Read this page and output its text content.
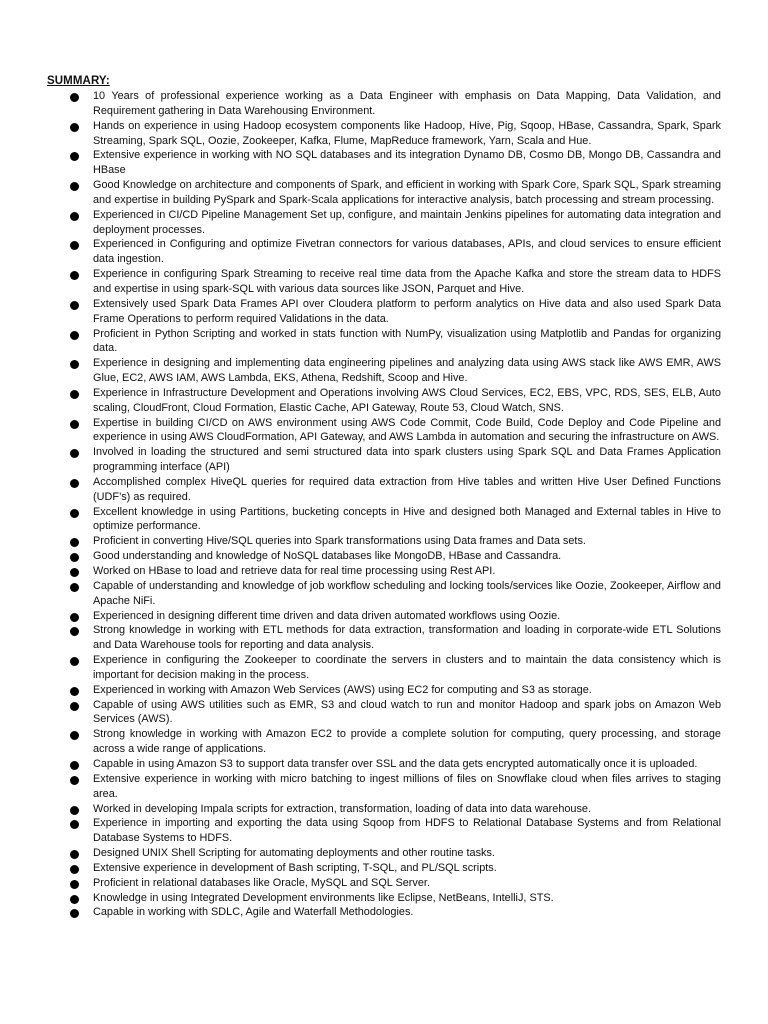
SUMMARY:
10 Years of professional experience working as a Data Engineer with emphasis on Data Mapping, Data Validation, and Requirement gathering in Data Warehousing Environment.
Hands on experience in using Hadoop ecosystem components like Hadoop, Hive, Pig, Sqoop, HBase, Cassandra, Spark, Spark Streaming, Spark SQL, Oozie, Zookeeper, Kafka, Flume, MapReduce framework, Yarn, Scala and Hue.
Extensive experience in working with NO SQL databases and its integration Dynamo DB, Cosmo DB, Mongo DB, Cassandra and HBase
Good Knowledge on architecture and components of Spark, and efficient in working with Spark Core, Spark SQL, Spark streaming and expertise in building PySpark and Spark-Scala applications for interactive analysis, batch processing and stream processing.
Experienced in CI/CD Pipeline Management Set up, configure, and maintain Jenkins pipelines for automating data integration and deployment processes.
Experienced in Configuring and optimize Fivetran connectors for various databases, APIs, and cloud services to ensure efficient data ingestion.
Experience in configuring Spark Streaming to receive real time data from the Apache Kafka and store the stream data to HDFS and expertise in using spark-SQL with various data sources like JSON, Parquet and Hive.
Extensively used Spark Data Frames API over Cloudera platform to perform analytics on Hive data and also used Spark Data Frame Operations to perform required Validations in the data.
Proficient in Python Scripting and worked in stats function with NumPy, visualization using Matplotlib and Pandas for organizing data.
Experience in designing and implementing data engineering pipelines and analyzing data using AWS stack like AWS EMR, AWS Glue, EC2, AWS IAM, AWS Lambda, EKS, Athena, Redshift, Scoop and Hive.
Experience in Infrastructure Development and Operations involving AWS Cloud Services, EC2, EBS, VPC, RDS, SES, ELB, Auto scaling, CloudFront, Cloud Formation, Elastic Cache, API Gateway, Route 53, Cloud Watch, SNS.
Expertise in building CI/CD on AWS environment using AWS Code Commit, Code Build, Code Deploy and Code Pipeline and experience in using AWS CloudFormation, API Gateway, and AWS Lambda in automation and securing the infrastructure on AWS.
Involved in loading the structured and semi structured data into spark clusters using Spark SQL and Data Frames Application programming interface (API)
Accomplished complex HiveQL queries for required data extraction from Hive tables and written Hive User Defined Functions (UDF’s) as required.
Excellent knowledge in using Partitions, bucketing concepts in Hive and designed both Managed and External tables in Hive to optimize performance.
Proficient in converting Hive/SQL queries into Spark transformations using Data frames and Data sets.
Good understanding and knowledge of NoSQL databases like MongoDB, HBase and Cassandra.
Worked on HBase to load and retrieve data for real time processing using Rest API.
Capable of understanding and knowledge of job workflow scheduling and locking tools/services like Oozie, Zookeeper, Airflow and Apache NiFi.
Experienced in designing different time driven and data driven automated workflows using Oozie.
Strong knowledge in working with ETL methods for data extraction, transformation and loading in corporate-wide ETL Solutions and Data Warehouse tools for reporting and data analysis.
Experience in configuring the Zookeeper to coordinate the servers in clusters and to maintain the data consistency which is important for decision making in the process.
Experienced in working with Amazon Web Services (AWS) using EC2 for computing and S3 as storage.
Capable of using AWS utilities such as EMR, S3 and cloud watch to run and monitor Hadoop and spark jobs on Amazon Web Services (AWS).
Strong knowledge in working with Amazon EC2 to provide a complete solution for computing, query processing, and storage across a wide range of applications.
Capable in using Amazon S3 to support data transfer over SSL and the data gets encrypted automatically once it is uploaded.
Extensive experience in working with micro batching to ingest millions of files on Snowflake cloud when files arrives to staging area.
Worked in developing Impala scripts for extraction, transformation, loading of data into data warehouse.
Experience in importing and exporting the data using Sqoop from HDFS to Relational Database Systems and from Relational Database Systems to HDFS.
Designed UNIX Shell Scripting for automating deployments and other routine tasks.
Extensive experience in development of Bash scripting, T-SQL, and PL/SQL scripts.
Proficient in relational databases like Oracle, MySQL and SQL Server.
Knowledge in using Integrated Development environments like Eclipse, NetBeans, IntelliJ, STS.
Capable in working with SDLC, Agile and Waterfall Methodologies.
